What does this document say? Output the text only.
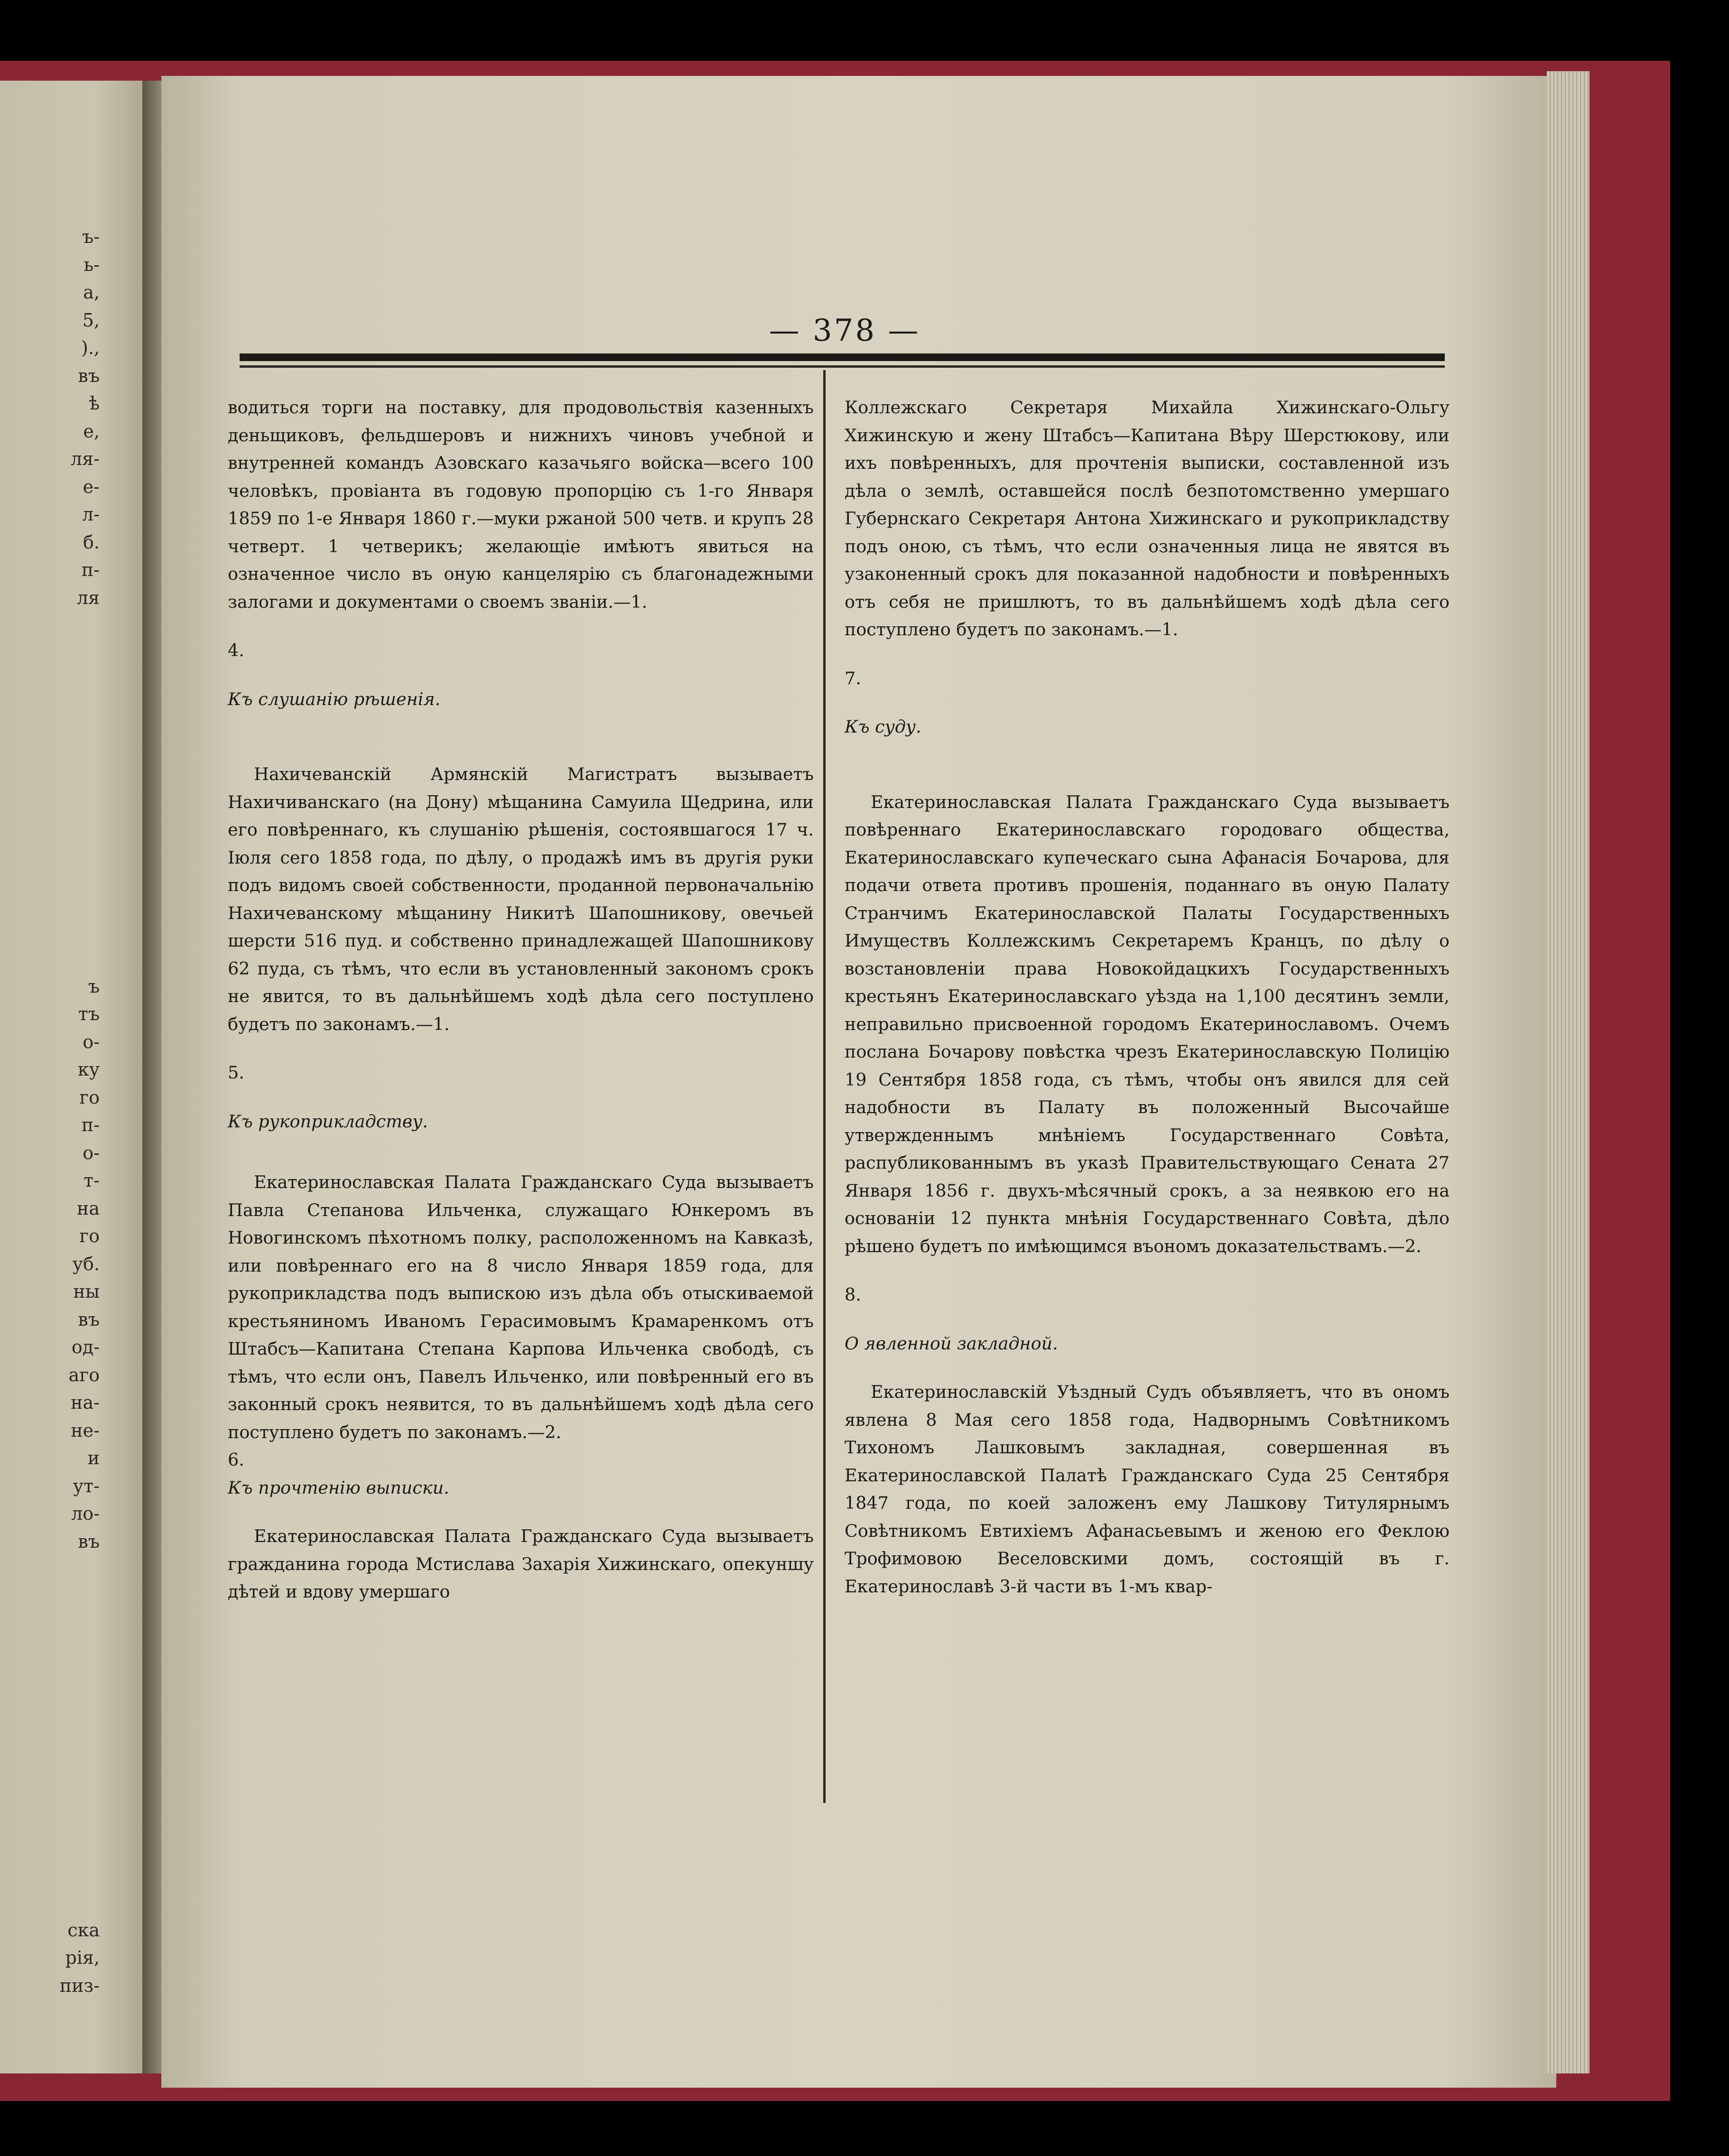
ъ-
ь-
а,
5,
).,
въ
ѣ
е,
ля-
е-
л-
б.
п-
ля
ъ
тъ
о-
ку
го
п-
о-
т-
на
го
уб.
ны
въ
од-
аго
на-
не-
и
ут-
ло-
въ
ска
рія,
пиз-
— 378 —

водиться торги на поставку, для продовольствія казенныхъ деньщиковъ, фельдшеровъ и нижнихъ чиновъ учебной и внутренней командъ Азовскаго казачьяго войска—всего 100 человѣкъ, провіанта въ годовую пропорцію съ 1-го Января 1859 по 1-е Января 1860 г.—муки ржаной 500 четв. и крупъ 28 четверт. 1 четверикъ; желающіе имѣютъ явиться на означенное число въ оную канцелярію съ благонадежными залогами и документами о своемъ званіи.—1.

4.

Къ слушанію рѣшенія.

Нахичеванскій Армянскій Магистратъ вызываетъ Нахичиванскаго (на Дону) мѣщанина Самуила Щедрина, или его повѣреннаго, къ слушанію рѣшенія, состоявшагося 17 ч. Іюля сего 1858 года, по дѣлу, о продажѣ имъ въ другія руки подъ видомъ своей собственности, проданной первоначальнію Нахичеванскому мѣщанину Никитѣ Шапошникову, овечьей шерсти 516 пуд. и собственно принадлежащей Шапошникову 62 пуда, съ тѣмъ, что если въ установленный закономъ срокъ не явится, то въ дальнѣйшемъ ходѣ дѣла сего поступлено будетъ по законамъ.—1.

5.

Къ рукоприкладству.

Екатеринославская Палата Гражданскаго Суда вызываетъ Павла Степанова Ильченка, служащаго Юнкеромъ въ Новогинскомъ пѣхотномъ полку, расположенномъ на Кавказѣ, или повѣреннаго его на 8 число Января 1859 года, для рукоприкладства подъ выпискою изъ дѣла объ отыскиваемой крестьяниномъ Иваномъ Герасимовымъ Крамаренкомъ отъ Штабсъ—Капитана Степана Карпова Ильченка свободѣ, съ тѣмъ, что если онъ, Павелъ Ильченко, или повѣренный его въ законный срокъ неявится, то въ дальнѣйшемъ ходѣ дѣла сего поступлено будетъ по законамъ.—2.

6.

Къ прочтенію выписки.

Екатеринославская Палата Гражданскаго Суда вызываетъ гражданина города Мстислава Захарія Хижинскаго, опекуншу дѣтей и вдову умершаго

Коллежскаго Секретаря Михайла Хижинскаго-Ольгу Хижинскую и жену Штабсъ—Капитана Вѣру Шерстюкову, или ихъ повѣренныхъ, для прочтенія выписки, составленной изъ дѣла о землѣ, оставшейся послѣ безпотомственно умершаго Губернскаго Секретаря Антона Хижинскаго и рукоприкладству подъ оною, съ тѣмъ, что если означенныя лица не явятся въ узаконенный срокъ для показанной надобности и повѣренныхъ отъ себя не пришлютъ, то въ дальнѣйшемъ ходѣ дѣла сего поступлено будетъ по законамъ.—1.

7.

Къ суду.

Екатеринославская Палата Гражданскаго Суда вызываетъ повѣреннаго Екатеринославскаго городоваго общества, Екатеринославскаго купеческаго сына Афанасія Бочарова, для подачи ответа противъ прошенія, поданнаго въ оную Палату Странчимъ Екатеринославской Палаты Государственныхъ Имуществъ Коллежскимъ Секретаремъ Кранцъ, по дѣлу о возстановленіи права Новокойдацкихъ Государственныхъ крестьянъ Екатеринославскаго уѣзда на 1,100 десятинъ земли, неправильно присвоенной городомъ Екатеринославомъ. Очемъ послана Бочарову повѣстка чрезъ Екатеринославскую Полицію 19 Сентября 1858 года, съ тѣмъ, чтобы онъ явился для сей надобности въ Палату въ положенный Высочайше утвержденнымъ мнѣніемъ Государственнаго Совѣта, распубликованнымъ въ указѣ Правительствующаго Сената 27 Января 1856 г. двухъ-мѣсячный срокъ, а за неявкою его на основаніи 12 пункта мнѣнія Государственнаго Совѣта, дѣло рѣшено будетъ по имѣющимся въономъ доказательствамъ.—2.

8.

О явленной закладной.

Екатеринославскій Уѣздный Судъ объявляетъ, что въ ономъ явлена 8 Мая сего 1858 года, Надворнымъ Совѣтникомъ Тихономъ Лашковымъ закладная, совершенная въ Екатеринославской Палатѣ Гражданскаго Суда 25 Сентября 1847 года, по коей заложенъ ему Лашкову Титулярнымъ Совѣтникомъ Евтихіемъ Афанасьевымъ и женою его Феклою Трофимовою Веселовскими домъ, состоящій въ г. Екатеринославѣ 3-й части въ 1-мъ квар-
